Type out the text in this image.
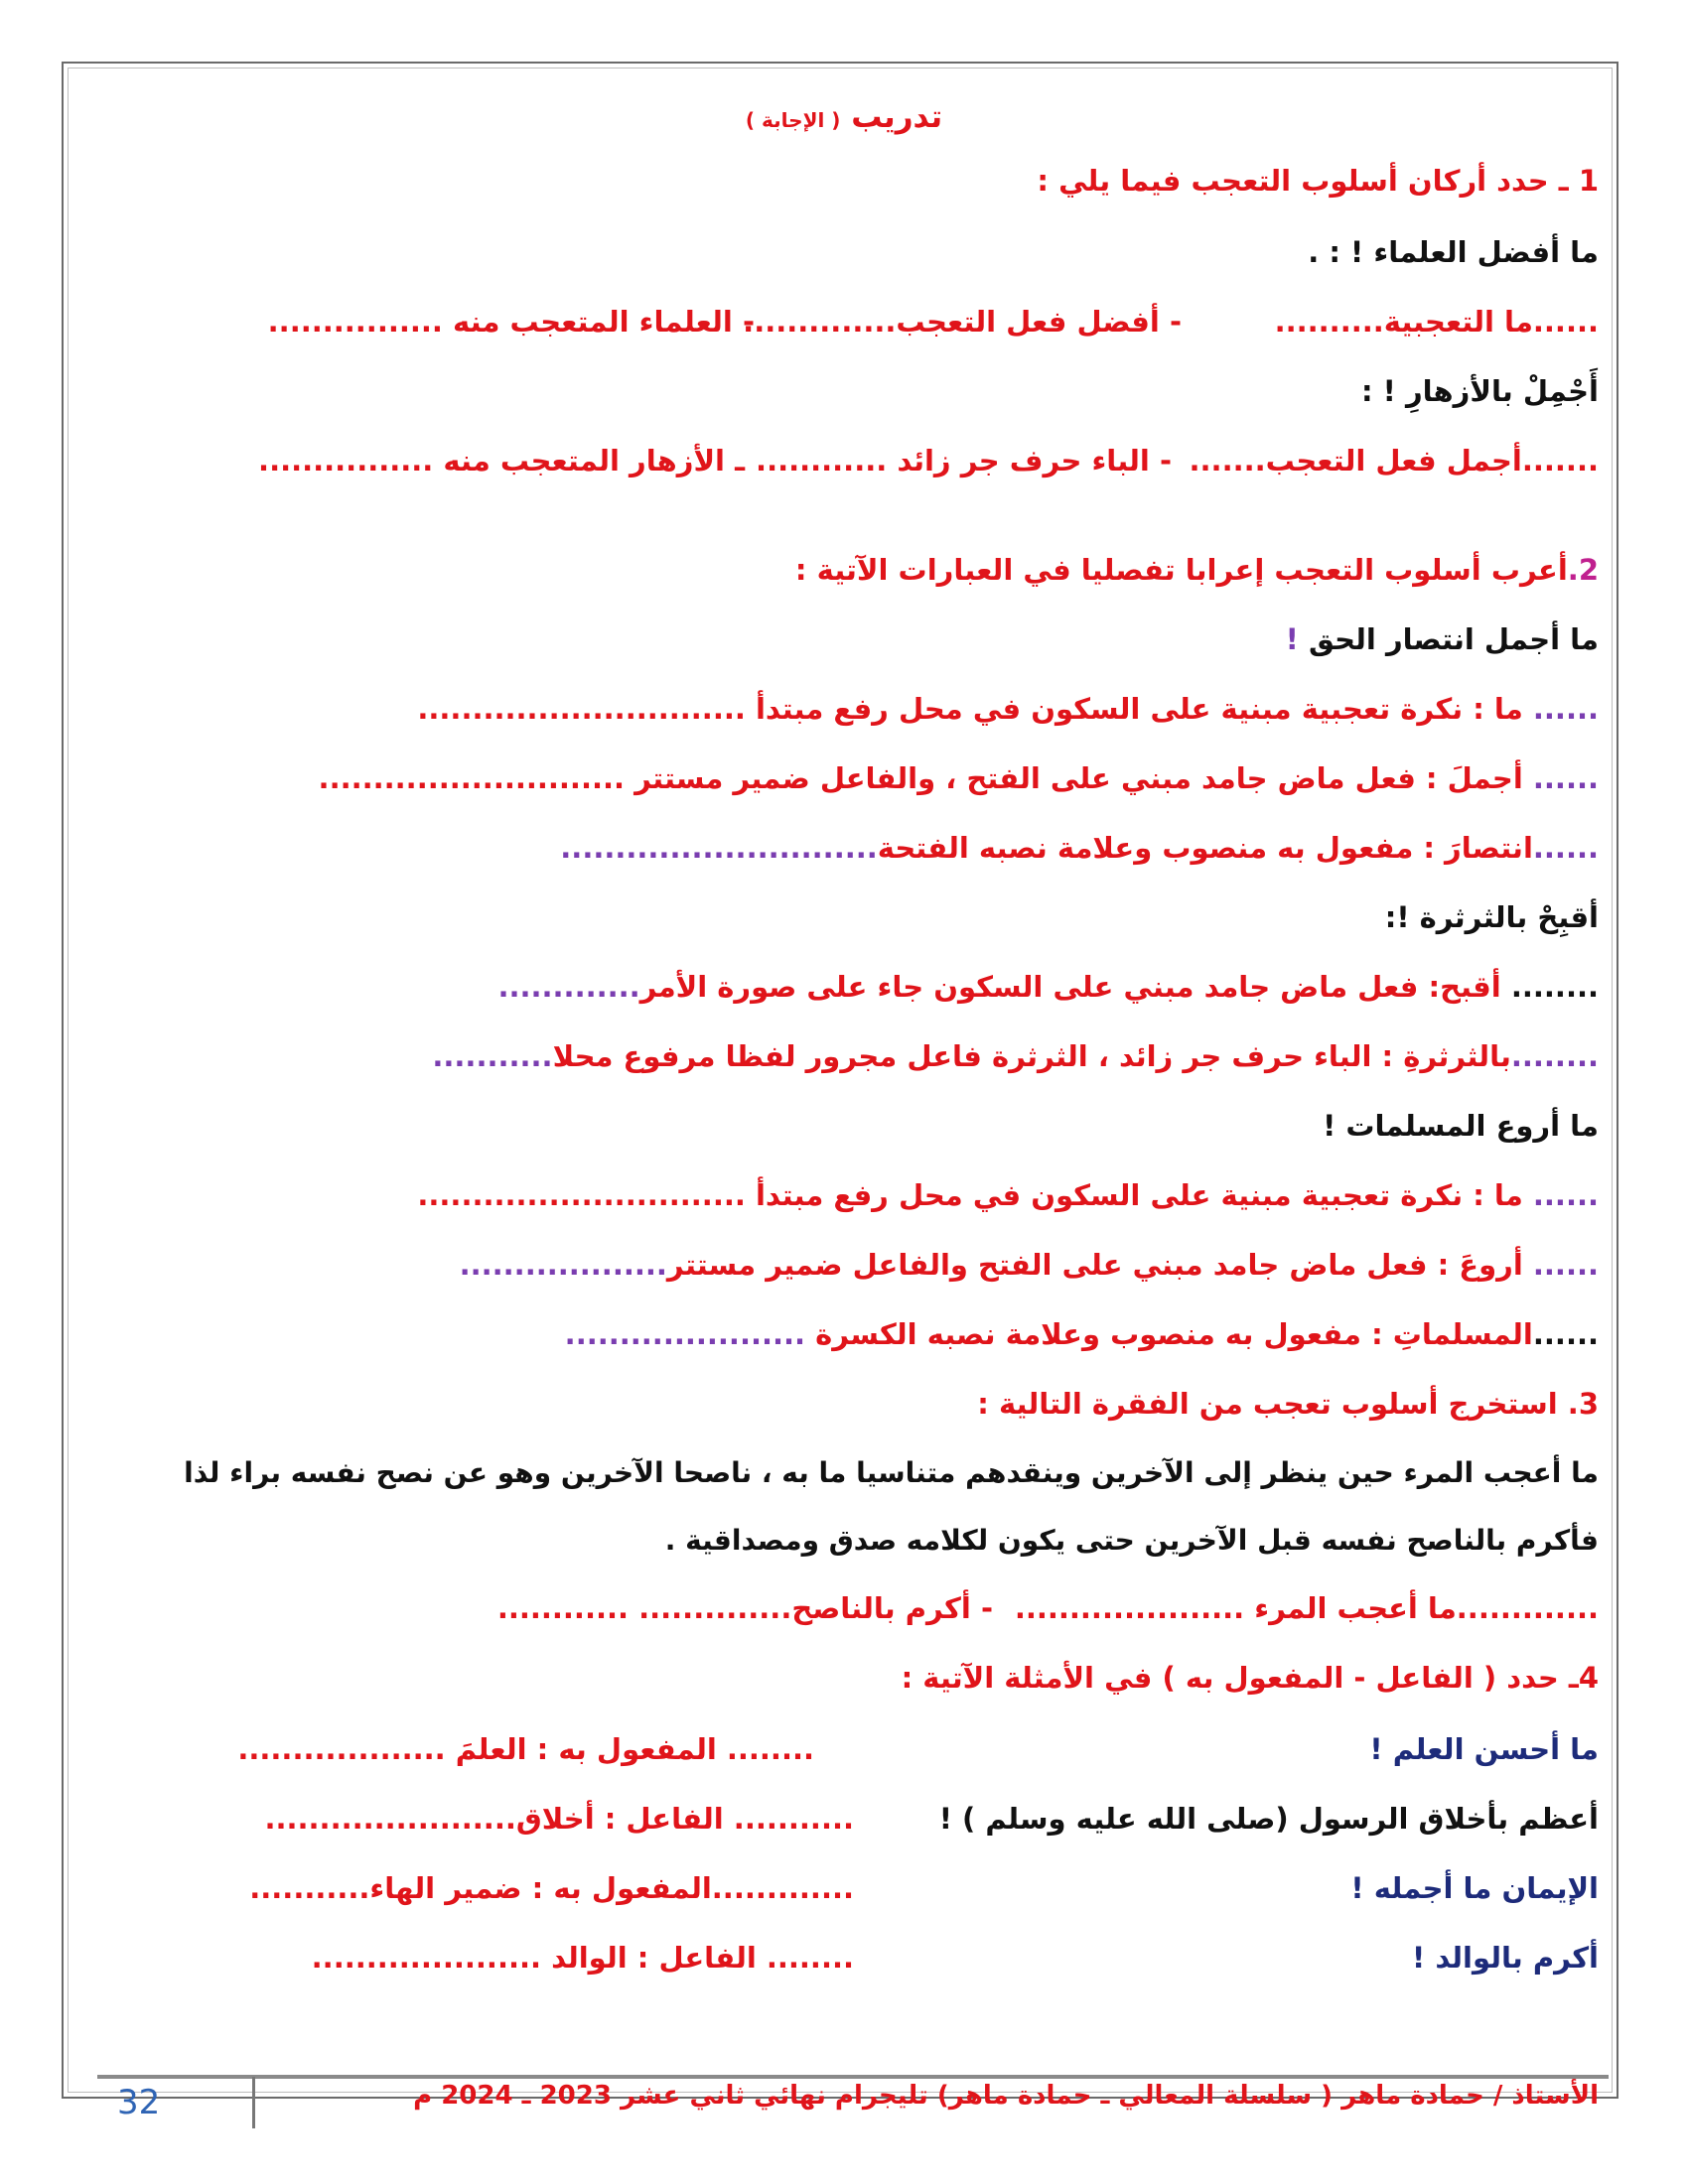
تدريب ( الإجابة )
1 ـ حدد أركان أسلوب التعجب فيما يلي :
ما أفضل العلماء ! : .
......ما التعجبية..........
- أفضل فعل التعجب..............
- العلماء المتعجب منه ................
أَجْمِلْ بالأزهارِ ! :
.......أجمل فعل التعجب.......
- الباء حرف جر زائد ............
ـ الأزهار المتعجب منه ................
2.أعرب أسلوب التعجب إعرابا تفصليا في العبارات الآتية :
ما أجمل انتصار الحق !
...... ما : نكرة تعجبية مبنية على السكون في محل رفع مبتدأ ..............................
...... أجملَ : فعل ماض جامد مبني على الفتح ، والفاعل ضمير مستتر ............................
......انتصارَ : مفعول به منصوب وعلامة نصبه الفتحة.............................
أقبِحْ بالثرثرة !:
........ أقبح: فعل ماض جامد مبني على السكون جاء على صورة الأمر.............
........بالثرثرةِ : الباء حرف جر زائد ، الثرثرة فاعل مجرور لفظا مرفوع محلا...........
ما أروع المسلمات !
...... ما : نكرة تعجبية مبنية على السكون في محل رفع مبتدأ ..............................
...... أروعَ : فعل ماض جامد مبني على الفتح والفاعل ضمير مستتر...................
......المسلماتِ : مفعول به منصوب وعلامة نصبه الكسرة ......................
3. استخرج أسلوب تعجب من الفقرة التالية :
ما أعجب المرء حين ينظر إلى الآخرين وينقدهم متناسيا ما به ، ناصحا الآخرين وهو عن نصح نفسه براء لذا
فأكرم بالناصح نفسه قبل الآخرين حتى يكون لكلامه صدق ومصداقية .
.............ما أعجب المرء .....................
- أكرم بالناصح.............. ............
4ـ حدد ( الفاعل - المفعول به ) في الأمثلة الآتية :
ما أحسن العلم !
........ المفعول به : العلمَ ...................
أعظم بأخلاق الرسول (صلى الله عليه وسلم ) !
........... الفاعل : أخلاق.......................
الإيمان ما أجمله !
.............المفعول به : ضمير الهاء...........
أكرم بالوالد !
........ الفاعل : الوالد .....................
الأستاذ / حمادة ماهر ( سلسلة المعالي ـ حمادة ماهر) تليجرام نهائي ثاني عشر 2023 ـ 2024 م
32
